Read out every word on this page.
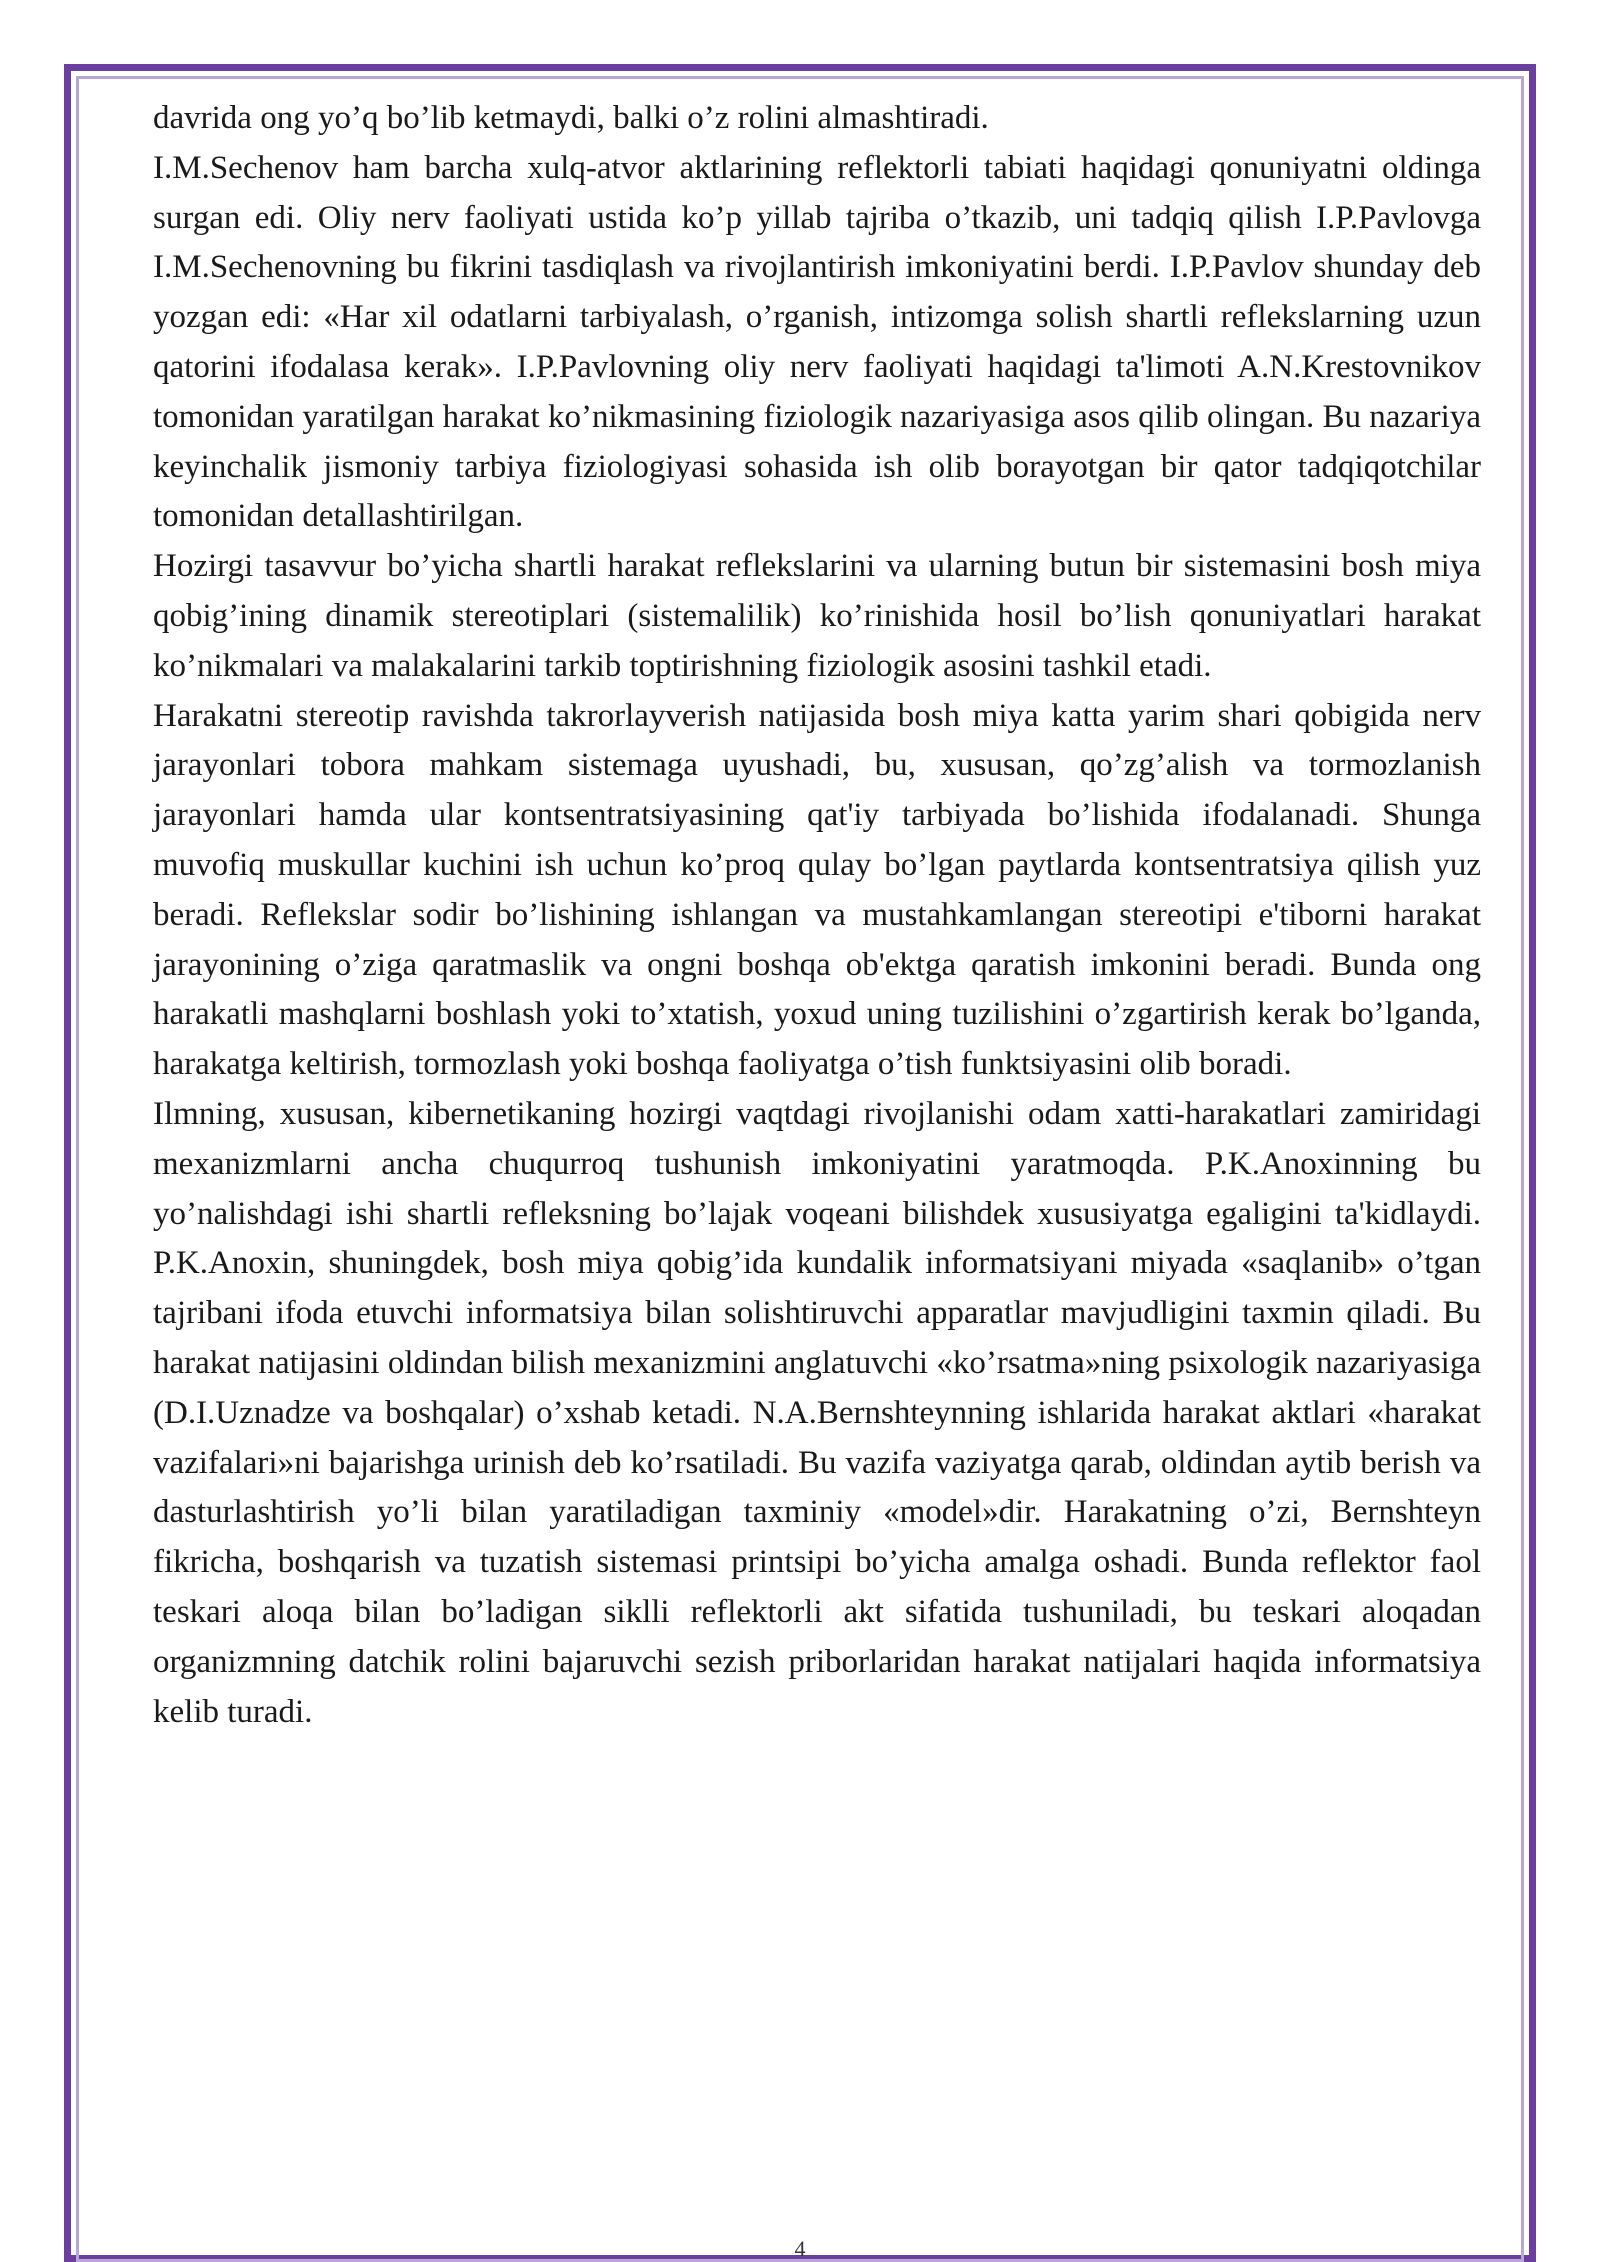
davrida ong yo’q bo’lib ketmaydi, balki o’z rolini almashtiradi.

I.M.Sechenov ham barcha xulq-atvor aktlarining reflektorli tabiati haqidagi qonuniyatni oldinga surgan edi. Oliy nerv faoliyati ustida ko’p yillab tajriba o’tkazib, uni tadqiq qilish I.P.Pavlovga I.M.Sechenovning bu fikrini tasdiqlash va rivojlantirish imkoniyatini berdi. I.P.Pavlov shunday deb yozgan edi: «Har xil odatlarni tarbiyalash, o’rganish, intizomga solish shartli reflekslarning uzun qatorini ifodalasa kerak». I.P.Pavlovning oliy nerv faoliyati haqidagi ta'limoti A.N.Krestovnikov tomonidan yaratilgan harakat ko’nikmasining fiziologik nazariyasiga asos qilib olingan. Bu nazariya keyinchalik jismoniy tarbiya fiziologiyasi sohasida ish olib borayotgan bir qator tadqiqotchilar tomonidan detallashtirilgan.

Hozirgi tasavvur bo’yicha shartli harakat reflekslarini va ularning butun bir sistemasini bosh miya qobig’ining dinamik stereotiplari (sistemalilik) ko’rinishida hosil bo’lish qonuniyatlari harakat ko’nikmalari va malakalarini tarkib toptirishning fiziologik asosini tashkil etadi.

Harakatni stereotip ravishda takrorlayverish natijasida bosh miya katta yarim shari qobigida nerv jarayonlari tobora mahkam sistemaga uyushadi, bu, xususan, qo’zg’alish va tormozlanish jarayonlari hamda ular kontsentratsiyasining qat'iy tarbiyada bo’lishida ifodalanadi. Shunga muvofiq muskullar kuchini ish uchun ko’proq qulay bo’lgan paytlarda kontsentratsiya qilish yuz beradi. Reflekslar sodir bo’lishining ishlangan va mustahkamlangan stereotipi e'tiborni harakat jarayonining o’ziga qaratmaslik va ongni boshqa ob'ektga qaratish imkonini beradi. Bunda ong harakatli mashqlarni boshlash yoki to’xtatish, yoxud uning tuzilishini o’zgartirish kerak bo’lganda, harakatga keltirish, tormozlash yoki boshqa faoliyatga o’tish funktsiyasini olib boradi.

Ilmning, xususan, kibernetikaning hozirgi vaqtdagi rivojlanishi odam xatti-harakatlari zamiridagi mexanizmlarni ancha chuqurroq tushunish imkoniyatini yaratmoqda. P.K.Anoxinning bu yo’nalishdagi ishi shartli refleksning bo’lajak voqeani bilishdek xususiyatga egaligini ta'kidlaydi. P.K.Anoxin, shuningdek, bosh miya qobig’ida kundalik informatsiyani miyada «saqlanib» o’tgan tajribani ifoda etuvchi informatsiya bilan solishtiruvchi apparatlar mavjudligini taxmin qiladi. Bu harakat natijasini oldindan bilish mexanizmini anglatuvchi «ko’rsatma»ning psixologik nazariyasiga (D.I.Uznadze va boshqalar) o’xshab ketadi. N.A.Bernshteynning ishlarida harakat aktlari «harakat vazifalari»ni bajarishga urinish deb ko’rsatiladi. Bu vazifa vaziyatga qarab, oldindan aytib berish va dasturlashtirish yo’li bilan yaratiladigan taxminiy «model»dir. Harakatning o’zi, Bernshteyn fikricha, boshqarish va tuzatish sistemasi printsipi bo’yicha amalga oshadi. Bunda reflektor faol teskari aloqa bilan bo’ladigan siklli reflektorli akt sifatida tushuniladi, bu teskari aloqadan organizmning datchik rolini bajaruvchi sezish priborlaridan harakat natijalari haqida informatsiya kelib turadi.

4
